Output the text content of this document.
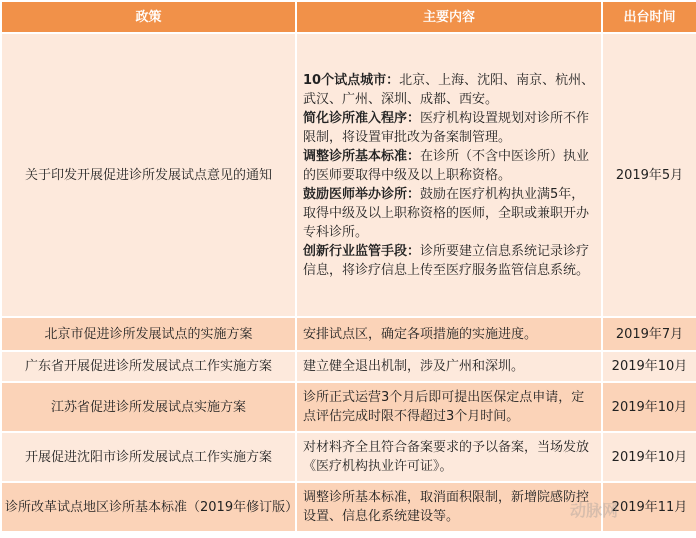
政策	主要内容	出台时间
关于印发开展促进诊所发展试点意见的通知	10个试点城市：北京、上海、沈阳、南京、杭州、武汉、广州、深圳、成都、西安。
简化诊所准入程序：医疗机构设置规划对诊所不作限制，将设置审批改为备案制管理。
调整诊所基本标准：在诊所（不含中医诊所）执业的医师要取得中级及以上职称资格。
鼓励医师举办诊所：鼓励在医疗机构执业满5年，取得中级及以上职称资格的医师，全职或兼职开办专科诊所。
创新行业监管手段：诊所要建立信息系统记录诊疗信息，将诊疗信息上传至医疗服务监管信息系统。	2019年5月
北京市促进诊所发展试点的实施方案	安排试点区，确定各项措施的实施进度。	2019年7月
广东省开展促进诊所发展试点工作实施方案	建立健全退出机制，涉及广州和深圳。	2019年10月
江苏省促进诊所发展试点实施方案	诊所正式运营3个月后即可提出医保定点申请，定点评估完成时限不得超过3个月时间。	2019年10月
开展促进沈阳市诊所发展试点工作实施方案	对材料齐全且符合备案要求的予以备案，当场发放《医疗机构执业许可证》。	2019年10月
诊所改革试点地区诊所基本标准（2019年修订版）	调整诊所基本标准，取消面积限制，新增院感防控设置、信息化系统建设等。	2019年11月
动脉网
